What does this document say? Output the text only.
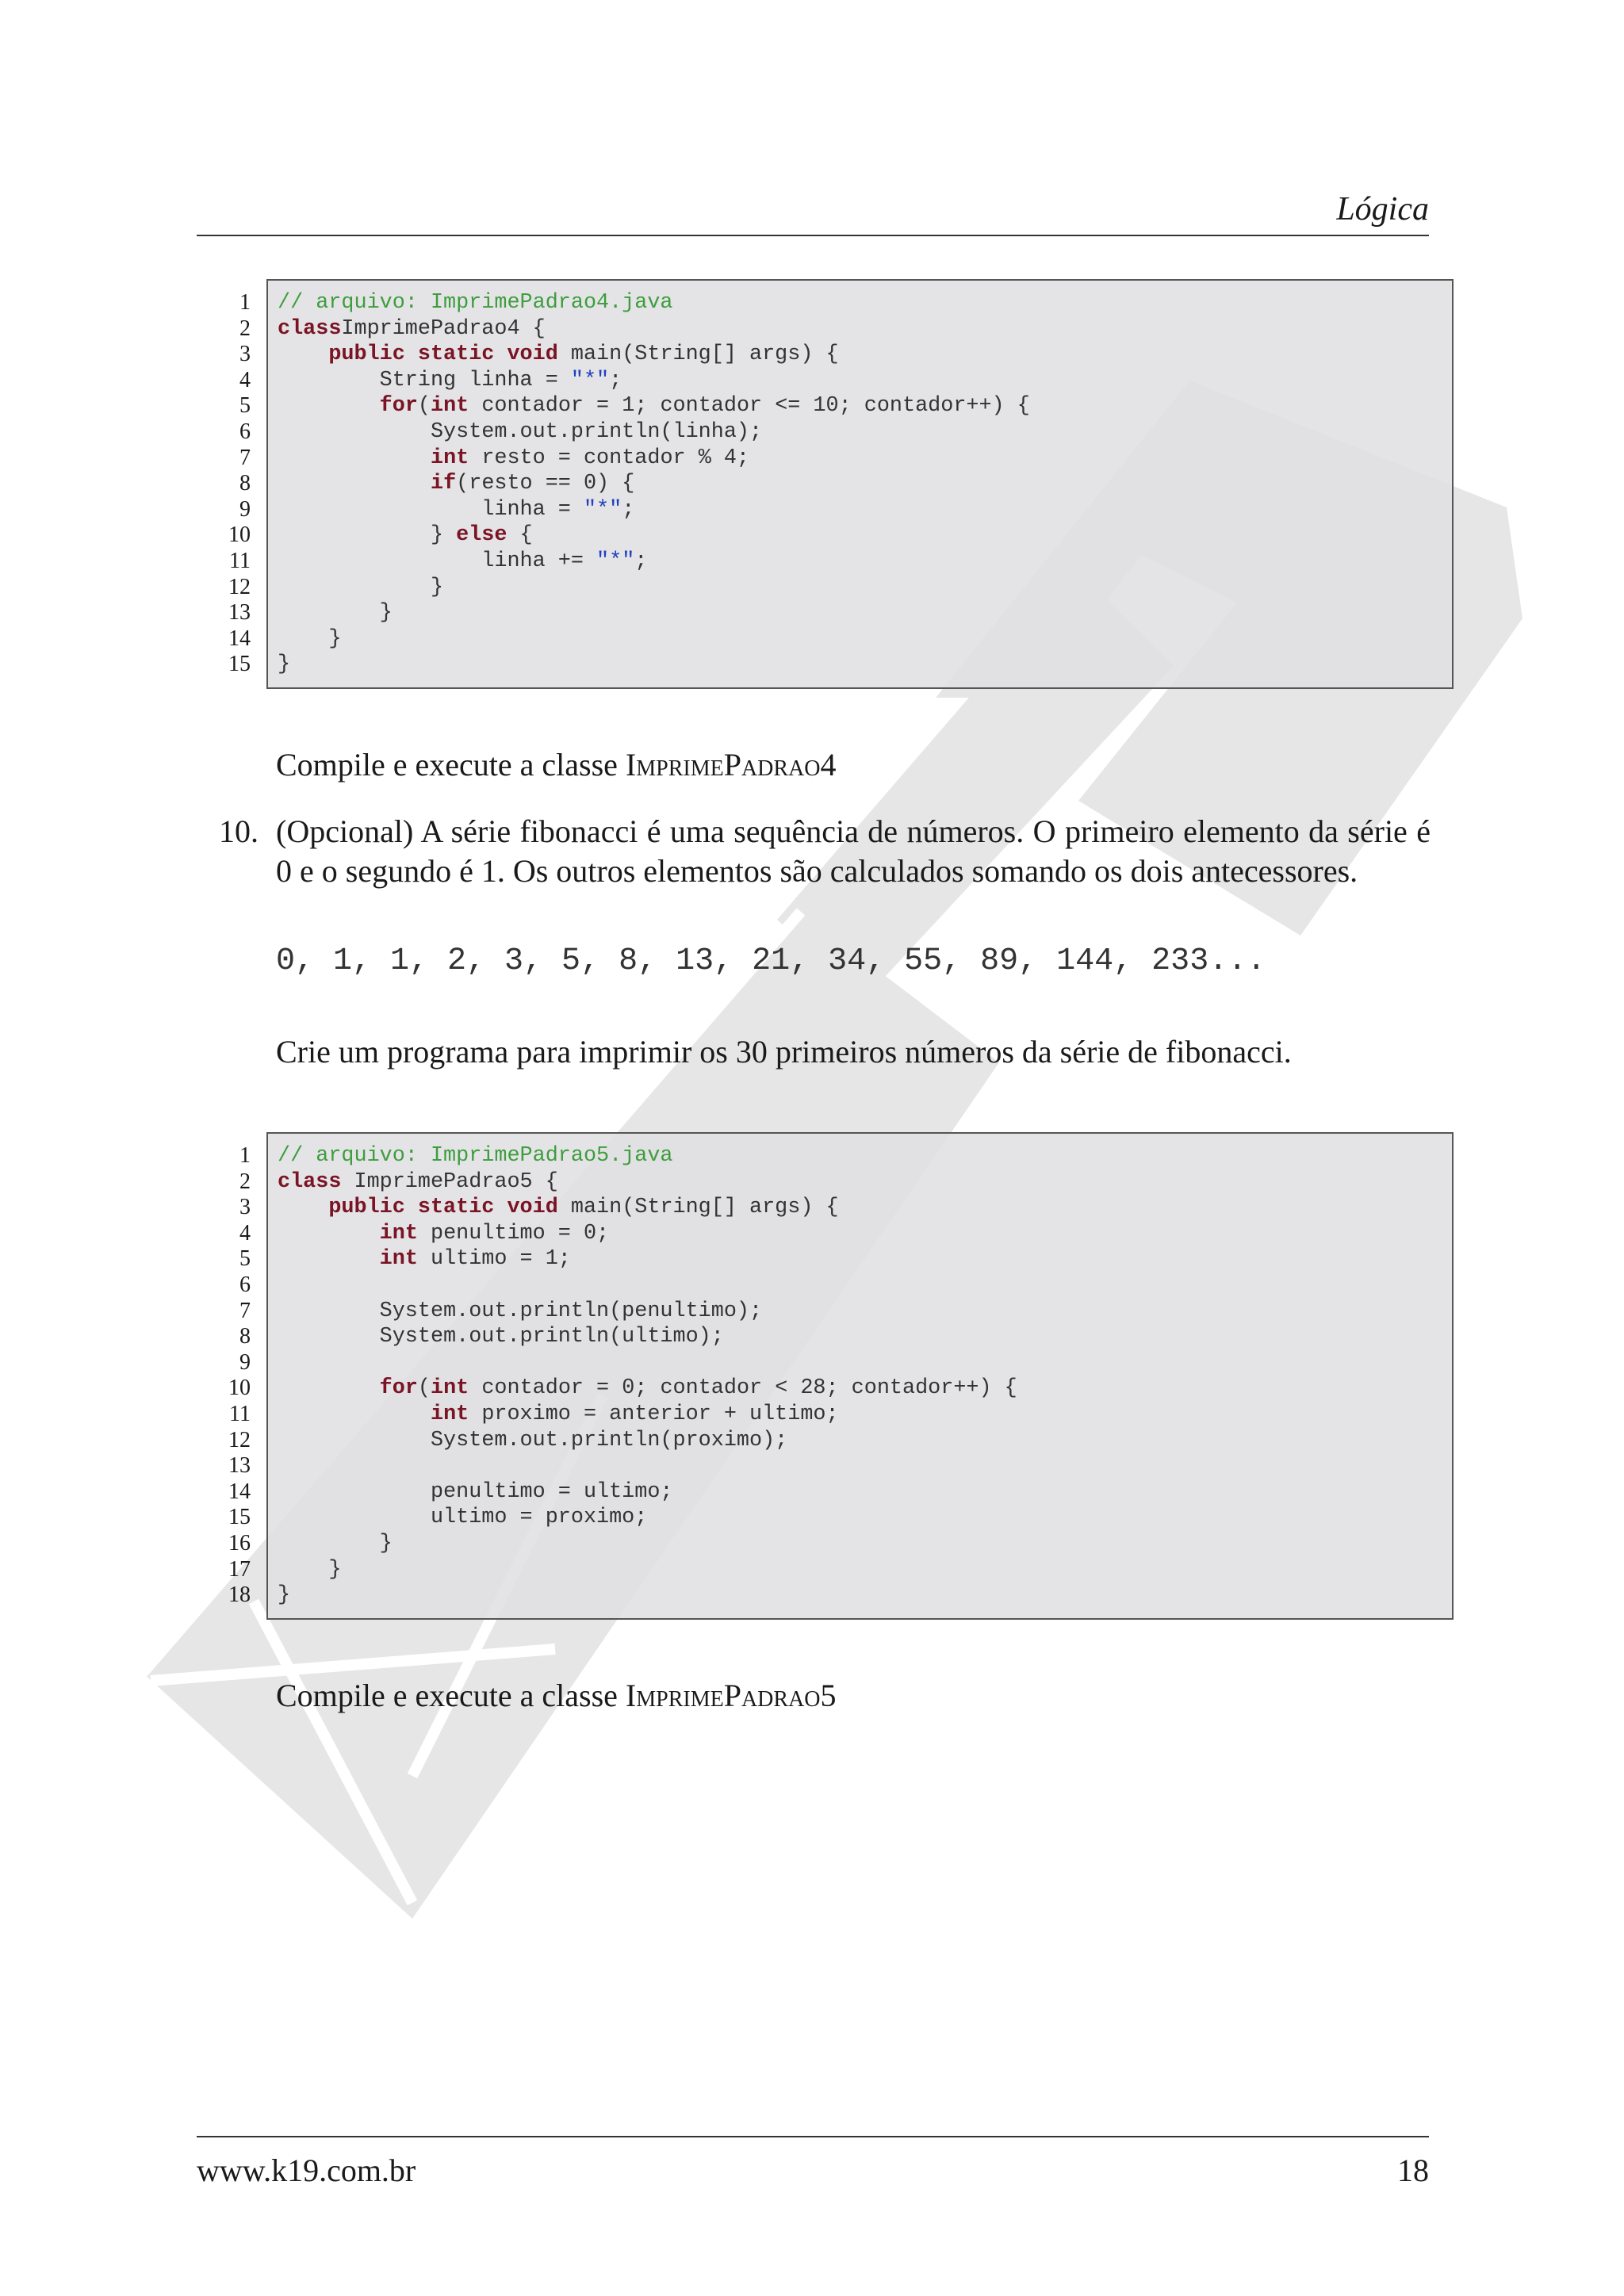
Lógica
1
2
3
4
5
6
7
8
9
10
11
12
13
14
15
// arquivo: ImprimePadrao4.java
classImprimePadrao4 {
public static void main(String[] args) {
String linha = "*";
for(int contador = 1; contador <= 10; contador++) {
System.out.println(linha);
int resto = contador % 4;
if(resto == 0) {
linha = "*";
} else {
linha += "*";
}
}
}
}
Compile e execute a classe ImprimePadrao4
10. (Opcional) A série fibonacci é uma sequência de números. O primeiro elemento da série é 0 e o segundo é 1. Os outros elementos são calculados somando os dois antecessores.
0, 1, 1, 2, 3, 5, 8, 13, 21, 34, 55, 89, 144, 233...
Crie um programa para imprimir os 30 primeiros números da série de fibonacci.
1
2
3
4
5
6
7
8
9
10
11
12
13
14
15
16
17
18
// arquivo: ImprimePadrao5.java
class ImprimePadrao5 {
public static void main(String[] args) {
int penultimo = 0;
int ultimo = 1;
System.out.println(penultimo);
System.out.println(ultimo);
for(int contador = 0; contador < 28; contador++) {
int proximo = anterior + ultimo;
System.out.println(proximo);
penultimo = ultimo;
ultimo = proximo;
}
}
}
Compile e execute a classe ImprimePadrao5
www.k19.com.br	18
